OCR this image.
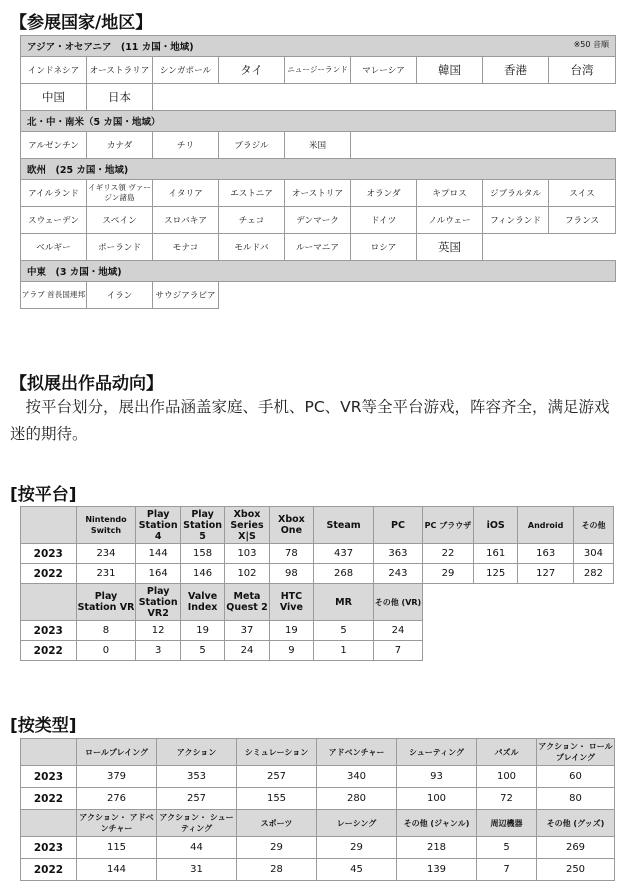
【参展国家/地区】
アジア・オセアニア　(11 カ国・地域) ※50 音順								

インドネシア	オーストラリア	シンガポール	タイ	ニュージーランド	マレーシア	韓国	香港	台湾
中国	日本							
北・中・南米（5 カ国・地域）								
アルゼンチン	カナダ	チリ	ブラジル	米国				
欧州　(25 カ国・地域)								
アイルランド	イギリス領 ヴァージン諸島	イタリア	エストニア	オーストリア	オランダ	キプロス	ジブラルタル	スイス
スウェーデン	スペイン	スロバキア	チェコ	デンマーク	ドイツ	ノルウェー	フィンランド	フランス
ベルギー	ポーランド	モナコ	モルドバ	ルーマニア	ロシア	英国		
中東　(3 カ国・地域)								
アラブ 首長国連邦	イラン	サウジアラビア						
【拟展出作品动向】
　按平台划分，展出作品涵盖家庭、手机、PC、VR等全平台游戏，阵容齐全，满足游戏迷的期待。
[按平台]
	Nintendo Switch	Play Station 4	Play Station 5	Xbox Series X|S	Xbox One	Steam	PC	PC ブラウザ	iOS	Android	その他
2023	234	144	158	103	78	437	363	22	161	163	304
2022	231	164	146	102	98	268	243	29	125	127	282
	Play Station VR	Play Station VR2	Valve Index	Meta Quest 2	HTC Vive	MR	その他 (VR)				
2023	8	12	19	37	19	5	24				
2022	0	3	5	24	9	1	7				
[按类型]
	ロールプレイング	アクション	シミュレーション	アドベンチャー	シューティング	パズル	アクション・ ロールプレイング
2023	379	353	257	340	93	100	60
2022	276	257	155	280	100	72	80
	アクション・ アドベンチャー	アクション・ シューティング	スポーツ	レーシング	その他 (ジャンル)	周辺機器	その他 (グッズ)
2023	115	44	29	29	218	5	269
2022	144	31	28	45	139	7	250
